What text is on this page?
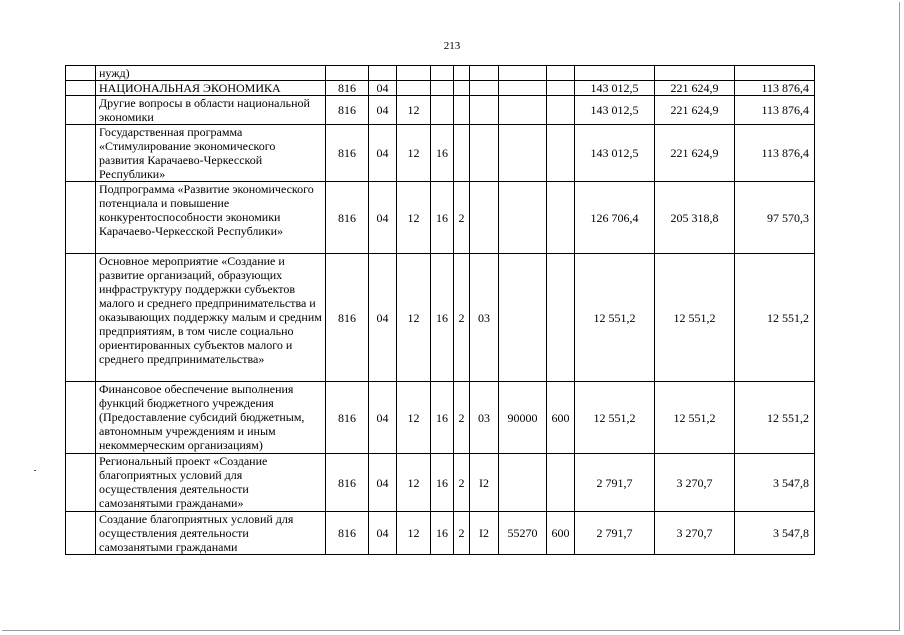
213
	нужд)											
	НАЦИОНАЛЬНАЯ ЭКОНОМИКА	816	04							143 012,5	221 624,9	113 876,4
	Другие вопросы в области национальной экономики	816	04	12						143 012,5	221 624,9	113 876,4
	Государственная программа «Стимулирование экономического развития Карачаево-Черкесской Республики»	816	04	12	16					143 012,5	221 624,9	113 876,4
	Подпрограмма «Развитие экономического потенциала и повышение конкурентоспособности экономики Карачаево-Черкесской Республики»	816	04	12	16	2				126 706,4	205 318,8	97 570,3
	Основное мероприятие «Создание и развитие организаций, образующих инфраструктуру поддержки субъектов малого и среднего предпринимательства и оказывающих поддержку малым и средним предприятиям, в том числе социально ориентированных субъектов малого и среднего предпринимательства»	816	04	12	16	2	03			12 551,2	12 551,2	12 551,2
	Финансовое обеспечение выполнения функций бюджетного учреждения (Предоставление субсидий бюджетным, автономным учреждениям и иным некоммерческим организациям)	816	04	12	16	2	03	90000	600	12 551,2	12 551,2	12 551,2
	Региональный проект «Создание благоприятных условий для осуществления деятельности самозанятыми гражданами»	816	04	12	16	2	I2			2 791,7	3 270,7	3 547,8
	Создание благоприятных условий для осуществления деятельности самозанятыми гражданами	816	04	12	16	2	I2	55270	600	2 791,7	3 270,7	3 547,8
